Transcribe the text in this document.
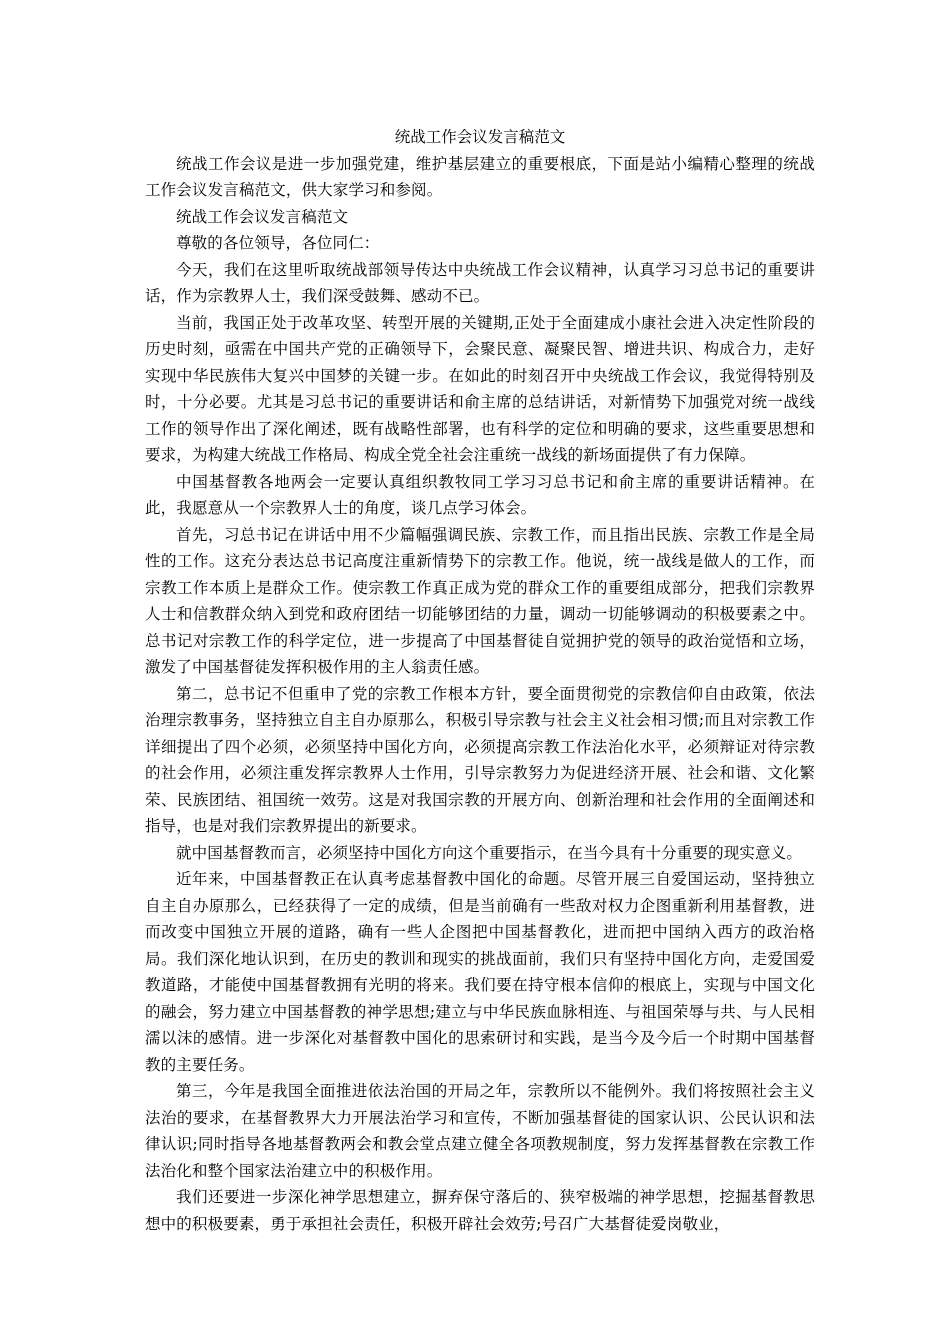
统战工作会议发言稿范文

统战工作会议是进一步加强党建，维护基层建立的重要根底，下面是站小编精心整理的统战工作会议发言稿范文，供大家学习和参阅。

统战工作会议发言稿范文

尊敬的各位领导，各位同仁：

今天，我们在这里听取统战部领导传达中央统战工作会议精神，认真学习习总书记的重要讲话，作为宗教界人士，我们深受鼓舞、感动不已。

当前，我国正处于改革攻坚、转型开展的关键期,正处于全面建成小康社会进入决定性阶段的历史时刻，亟需在中国共产党的正确领导下，会聚民意、凝聚民智、增进共识、构成合力，走好实现中华民族伟大复兴中国梦的关键一步。在如此的时刻召开中央统战工作会议，我觉得特别及时，十分必要。尤其是习总书记的重要讲话和俞主席的总结讲话，对新情势下加强党对统一战线工作的领导作出了深化阐述，既有战略性部署，也有科学的定位和明确的要求，这些重要思想和要求，为构建大统战工作格局、构成全党全社会注重统一战线的新场面提供了有力保障。

中国基督教各地两会一定要认真组织教牧同工学习习总书记和俞主席的重要讲话精神。在此，我愿意从一个宗教界人士的角度，谈几点学习体会。

首先，习总书记在讲话中用不少篇幅强调民族、宗教工作，而且指出民族、宗教工作是全局性的工作。这充分表达总书记高度注重新情势下的宗教工作。他说，统一战线是做人的工作，而宗教工作本质上是群众工作。使宗教工作真正成为党的群众工作的重要组成部分，把我们宗教界人士和信教群众纳入到党和政府团结一切能够团结的力量，调动一切能够调动的积极要素之中。总书记对宗教工作的科学定位，进一步提高了中国基督徒自觉拥护党的领导的政治觉悟和立场，激发了中国基督徒发挥积极作用的主人翁责任感。

第二，总书记不但重申了党的宗教工作根本方针，要全面贯彻党的宗教信仰自由政策，依法治理宗教事务，坚持独立自主自办原那么，积极引导宗教与社会主义社会相习惯;而且对宗教工作详细提出了四个必须，必须坚持中国化方向，必须提高宗教工作法治化水平，必须辩证对待宗教的社会作用，必须注重发挥宗教界人士作用，引导宗教努力为促进经济开展、社会和谐、文化繁荣、民族团结、祖国统一效劳。这是对我国宗教的开展方向、创新治理和社会作用的全面阐述和指导，也是对我们宗教界提出的新要求。

就中国基督教而言，必须坚持中国化方向这个重要指示，在当今具有十分重要的现实意义。

近年来，中国基督教正在认真考虑基督教中国化的命题。尽管开展三自爱国运动，坚持独立自主自办原那么，已经获得了一定的成绩，但是当前确有一些敌对权力企图重新利用基督教，进而改变中国独立开展的道路，确有一些人企图把中国基督教化，进而把中国纳入西方的政治格局。我们深化地认识到，在历史的教训和现实的挑战面前，我们只有坚持中国化方向，走爱国爱教道路，才能使中国基督教拥有光明的将来。我们要在持守根本信仰的根底上，实现与中国文化的融会，努力建立中国基督教的神学思想;建立与中华民族血脉相连、与祖国荣辱与共、与人民相濡以沫的感情。进一步深化对基督教中国化的思索研讨和实践，是当今及今后一个时期中国基督教的主要任务。

第三，今年是我国全面推进依法治国的开局之年，宗教所以不能例外。我们将按照社会主义法治的要求，在基督教界大力开展法治学习和宣传，不断加强基督徒的国家认识、公民认识和法律认识;同时指导各地基督教两会和教会堂点建立健全各项教规制度，努力发挥基督教在宗教工作法治化和整个国家法治建立中的积极作用。

我们还要进一步深化神学思想建立，摒弃保守落后的、狭窄极端的神学思想，挖掘基督教思想中的积极要素，勇于承担社会责任，积极开辟社会效劳;号召广大基督徒爱岗敬业，
